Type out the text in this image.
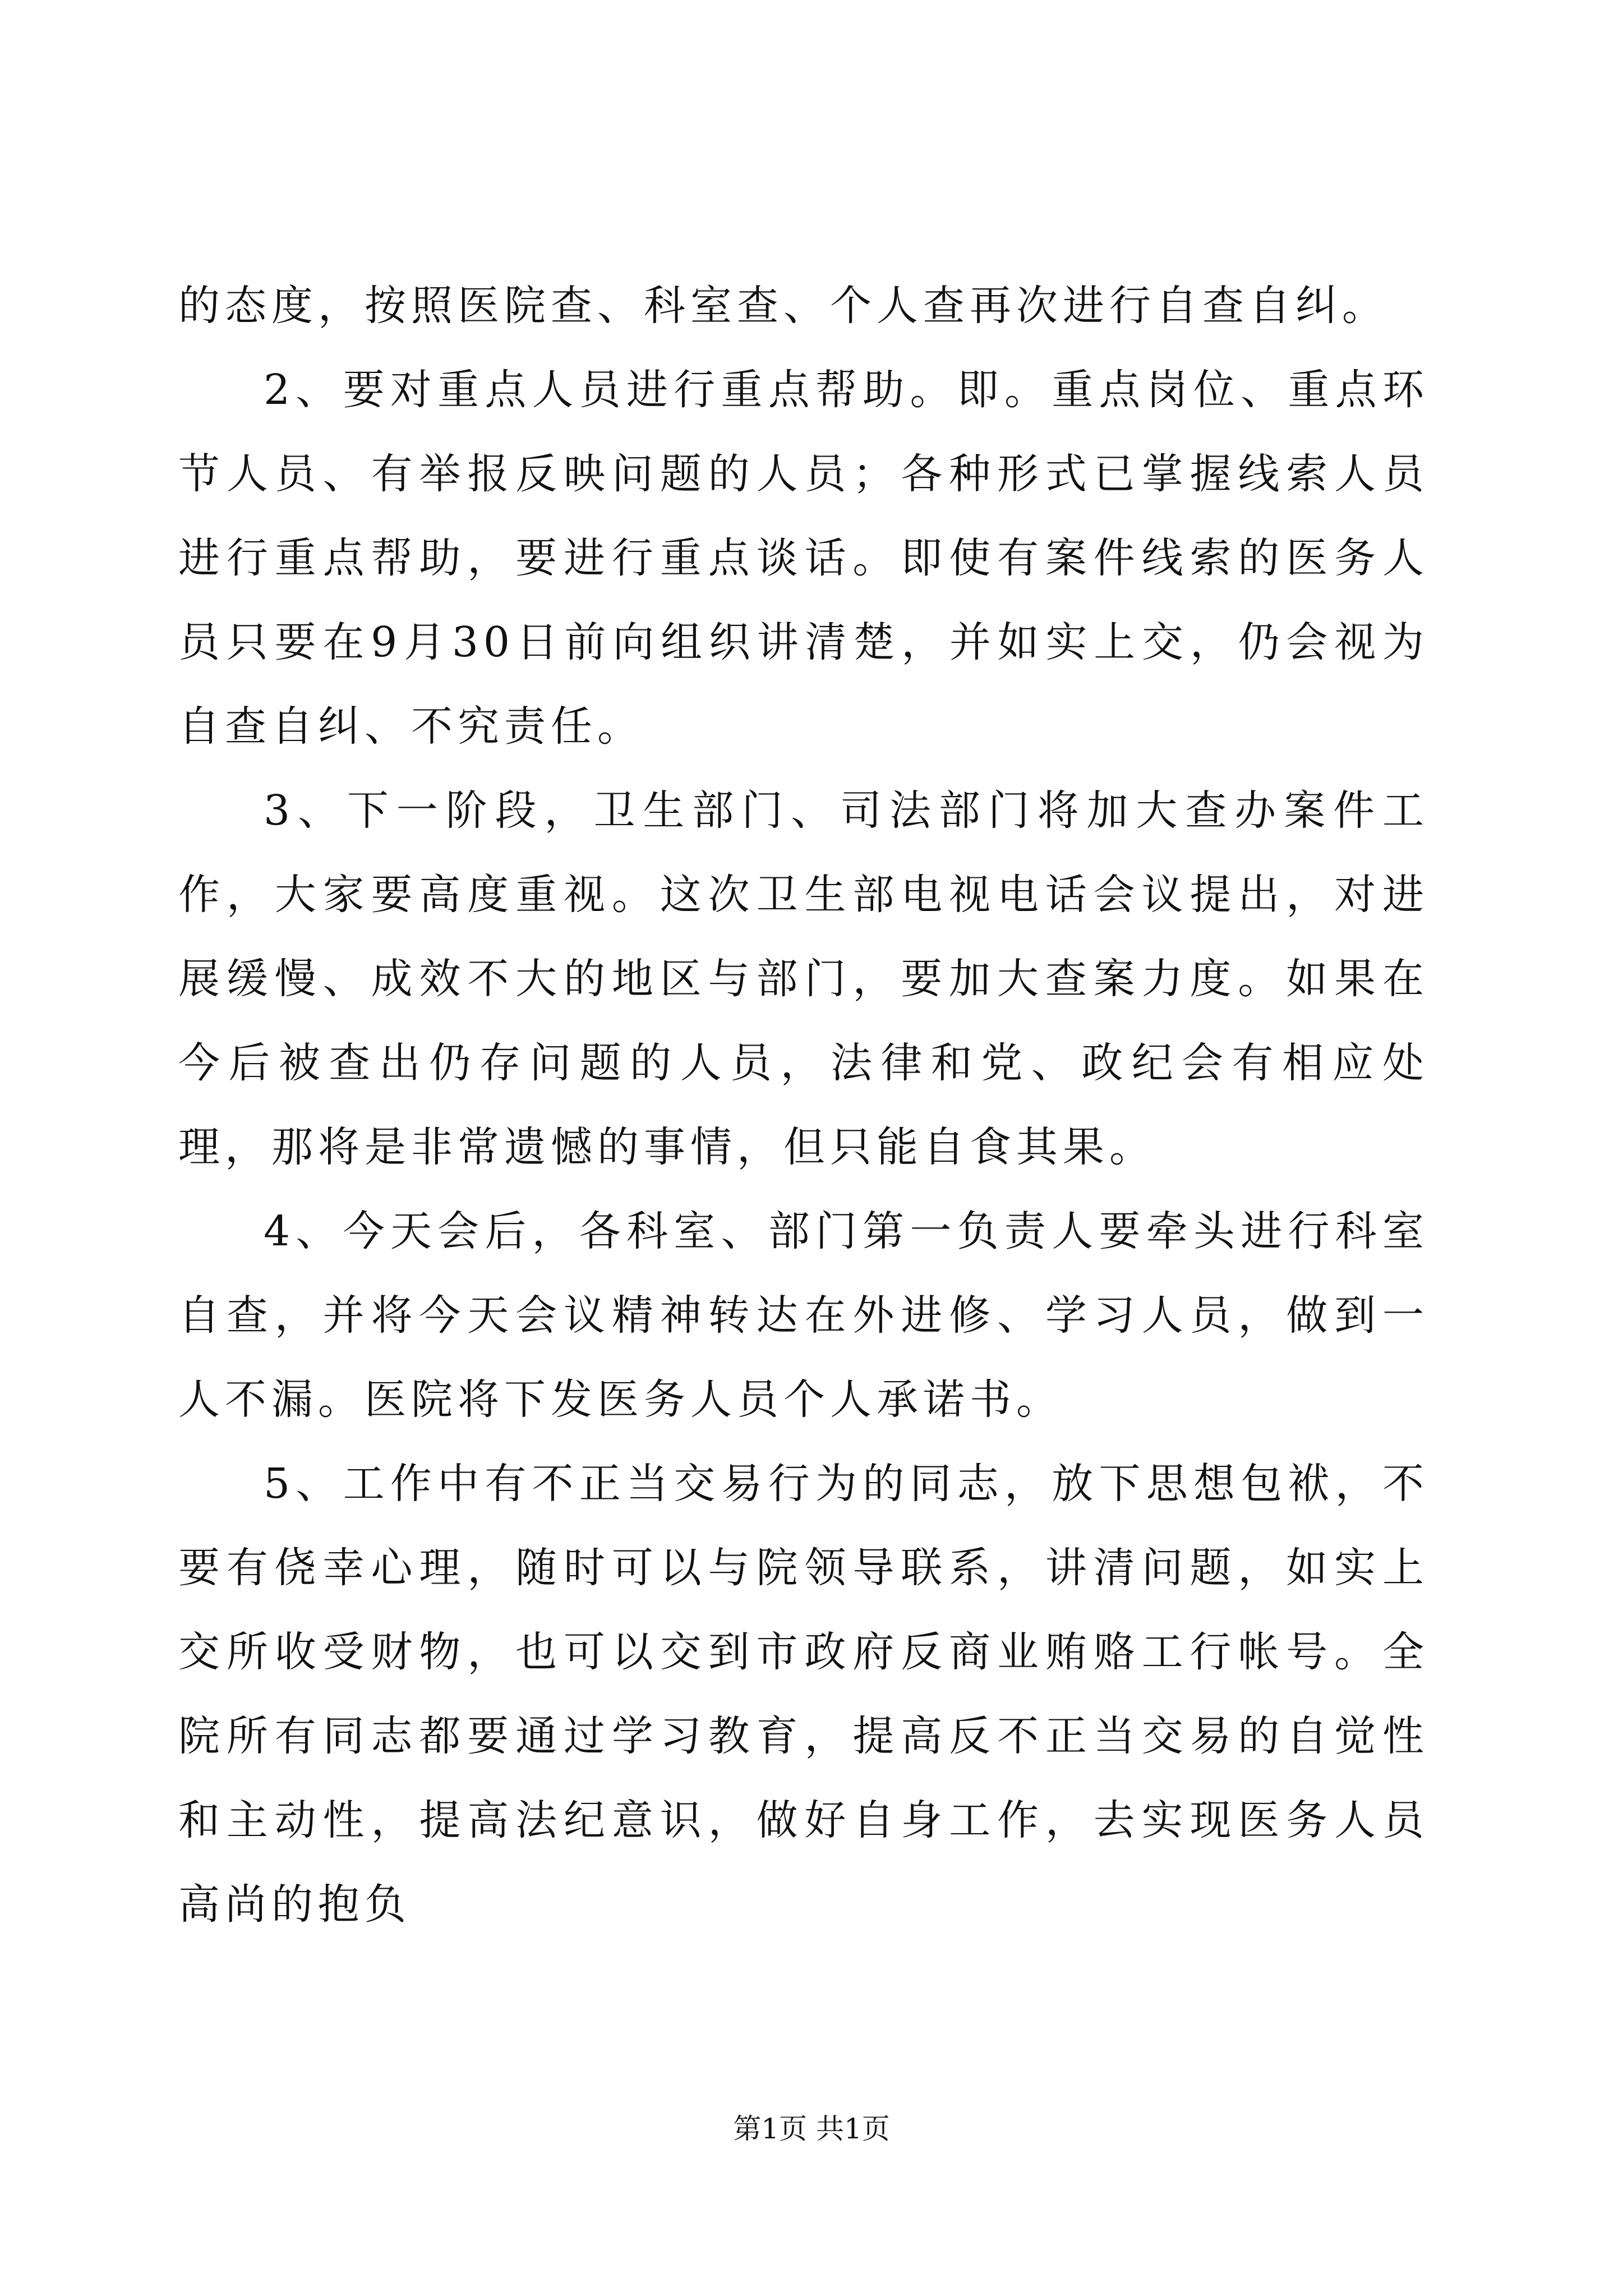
的态度，按照医院查、科室查、个人查再次进行自查自纠。

2、要对重点人员进行重点帮助。即。重点岗位、重点环节人员、有举报反映问题的人员；各种形式已掌握线索人员进行重点帮助，要进行重点谈话。即使有案件线索的医务人员只要在9月30日前向组织讲清楚，并如实上交，仍会视为自查自纠、不究责任。

3、下一阶段，卫生部门、司法部门将加大查办案件工作，大家要高度重视。这次卫生部电视电话会议提出，对进展缓慢、成效不大的地区与部门，要加大查案力度。如果在今后被查出仍存问题的人员，法律和党、政纪会有相应处理，那将是非常遗憾的事情，但只能自食其果。

4、今天会后，各科室、部门第一负责人要牵头进行科室自查，并将今天会议精神转达在外进修、学习人员，做到一人不漏。医院将下发医务人员个人承诺书。

5、工作中有不正当交易行为的同志，放下思想包袱，不要有侥幸心理，随时可以与院领导联系，讲清问题，如实上交所收受财物，也可以交到市政府反商业贿赂工行帐号。全院所有同志都要通过学习教育，提高反不正当交易的自觉性和主动性，提高法纪意识，做好自身工作，去实现医务人员高尚的抱负

第1页 共1页
